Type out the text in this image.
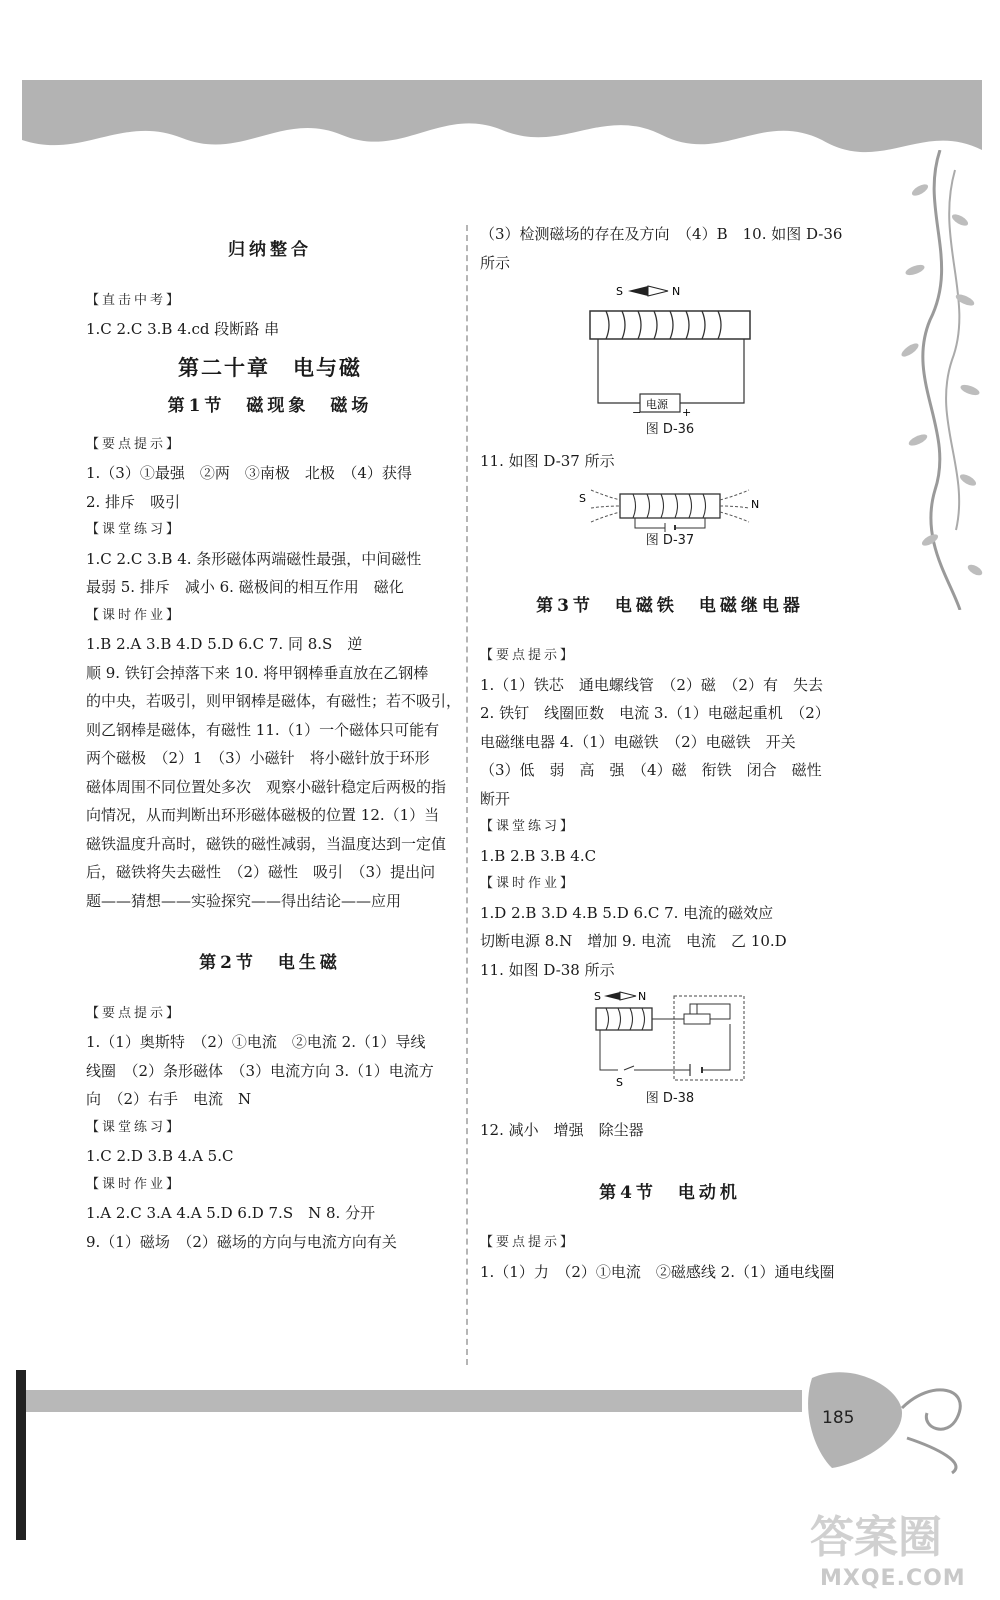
归纳整合
【直击中考】
1.C 2.C 3.B 4.cd 段断路 串
第二十章　电与磁
第1节　磁现象　磁场
【要点提示】
1.（3）①最强　②两　③南极　北极　（4）获得
2. 排斥　吸引
【课堂练习】
1.C 2.C 3.B 4. 条形磁体两端磁性最强，中间磁性
最弱 5. 排斥　减小 6. 磁极间的相互作用　磁化
【课时作业】
1.B 2.A 3.B 4.D 5.D 6.C 7. 同 8.S　逆
顺 9. 铁钉会掉落下来 10. 将甲钢棒垂直放在乙钢棒
的中央，若吸引，则甲钢棒是磁体，有磁性；若不吸引，
则乙钢棒是磁体，有磁性 11.（1）一个磁体只可能有
两个磁极　（2）1　（3）小磁针　将小磁针放于环形
磁体周围不同位置处多次　观察小磁针稳定后两极的指
向情况，从而判断出环形磁体磁极的位置 12.（1）当
磁铁温度升高时，磁铁的磁性减弱，当温度达到一定值
后，磁铁将失去磁性　（2）磁性　吸引　（3）提出问
题——猜想——实验探究——得出结论——应用
第2节　电生磁
【要点提示】
1.（1）奥斯特　（2）①电流　②电流 2.（1）导线
线圈　（2）条形磁体　（3）电流方向 3.（1）电流方
向　（2）右手　电流　N
【课堂练习】
1.C 2.D 3.B 4.A 5.C
【课时作业】
1.A 2.C 3.A 4.A 5.D 6.D 7.S　N 8. 分开
9.（1）磁场　（2）磁场的方向与电流方向有关
（3）检测磁场的存在及方向　（4）B　10. 如图 D-36
所示
S	N
电源
−	+
图 D-36
11. 如图 D-37 所示
S	N
图 D-37
第3节　电磁铁　电磁继电器
【要点提示】
1.（1）铁芯　通电螺线管　（2）磁　（2）有　失去
2. 铁钉　线圈匝数　电流 3.（1）电磁起重机　（2）
电磁继电器 4.（1）电磁铁　（2）电磁铁　开关
（3）低　弱　高　强　（4）磁　衔铁　闭合　磁性
断开
【课堂练习】
1.B 2.B 3.B 4.C
【课时作业】
1.D 2.B 3.D 4.B 5.D 6.C 7. 电流的磁效应
切断电源 8.N　增加 9. 电流　电流　乙 10.D
11. 如图 D-38 所示
S	N
S
图 D-38
12. 减小　增强　除尘器
第4节　电动机
【要点提示】
1.（1）力　（2）①电流　②磁感线 2.（1）通电线圈
185
答案圈
MXQE.COM
